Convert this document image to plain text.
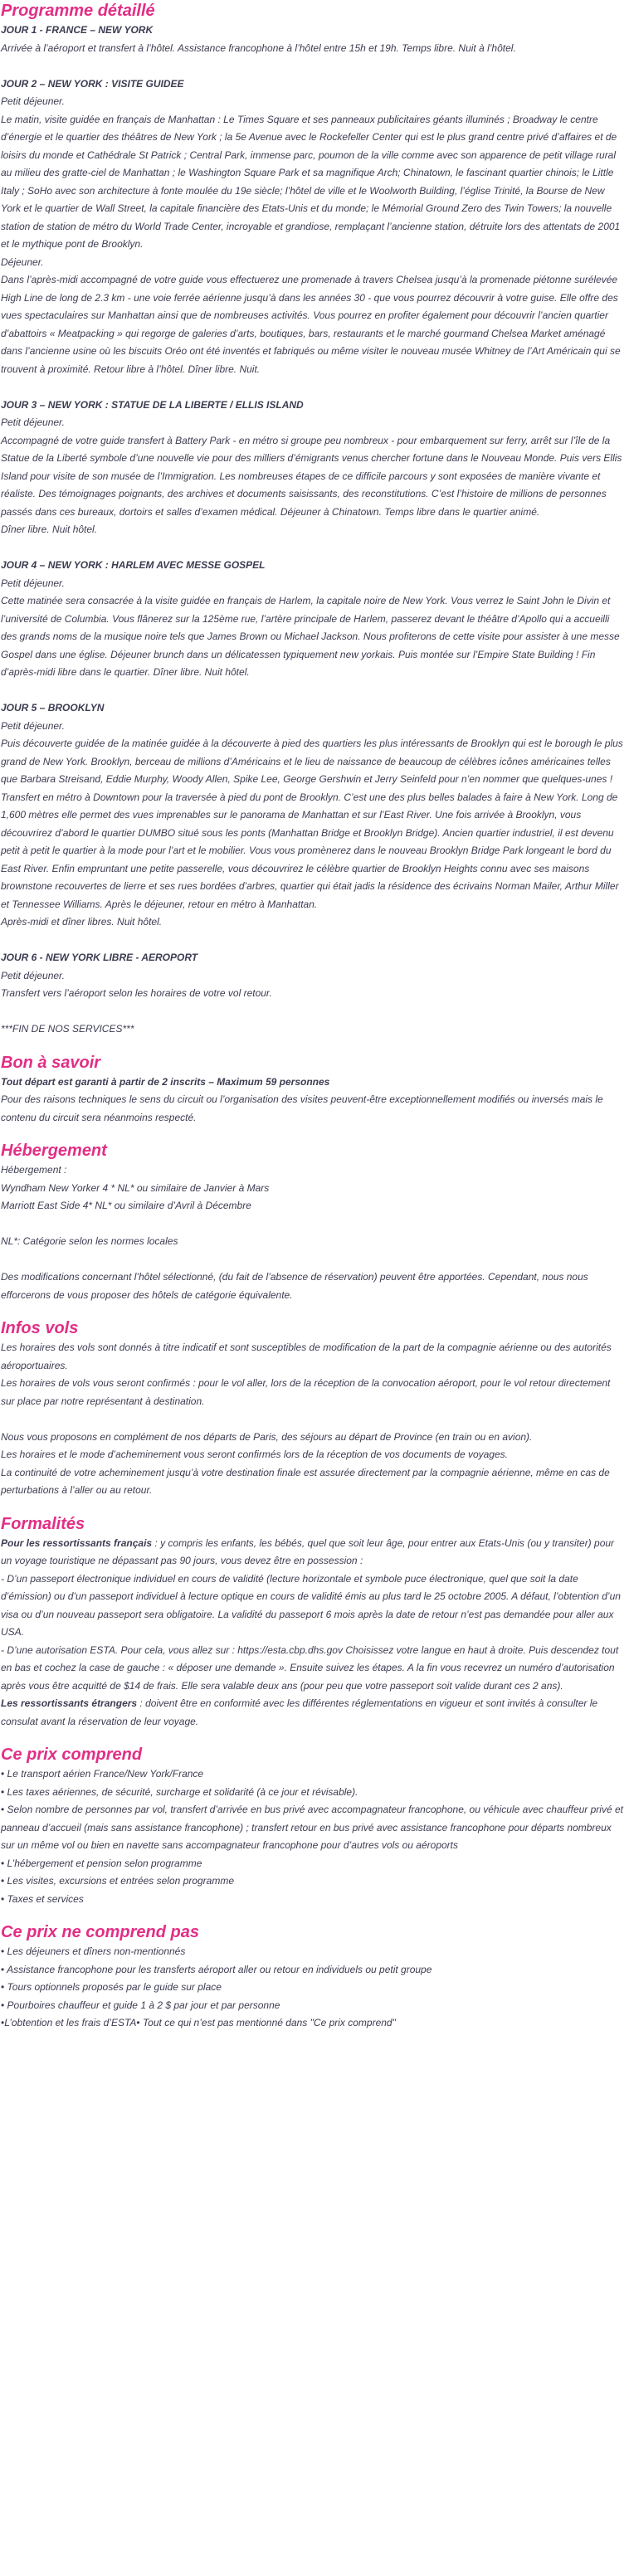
Programme détaillé

JOUR 1 - FRANCE – NEW YORK

Arrivée à l’aéroport et transfert à l’hôtel. Assistance francophone à l’hôtel entre 15h et 19h. Temps libre. Nuit à l’hôtel.

JOUR 2 – NEW YORK : VISITE GUIDEE

Petit déjeuner.

Le matin, visite guidée en français de Manhattan : Le Times Square et ses panneaux publicitaires géants illuminés ; Broadway le centre d’énergie et le quartier des théâtres de New York ; la 5e Avenue avec le Rockefeller Center qui est le plus grand centre privé d’affaires et de loisirs du monde et Cathédrale St Patrick ; Central Park, immense parc, poumon de la ville comme avec son apparence de petit village rural au milieu des gratte-ciel de Manhattan ; le Washington Square Park et sa magnifique Arch; Chinatown, le fascinant quartier chinois; le Little Italy ; SoHo avec son architecture à fonte moulée du 19e siècle; l’hôtel de ville et le Woolworth Building, l’église Trinité, la Bourse de New York et le quartier de Wall Street, la capitale financière des Etats-Unis et du monde; le Mémorial Ground Zero des Twin Towers; la nouvelle station de station de métro du World Trade Center, incroyable et grandiose, remplaçant l’ancienne station, détruite lors des attentats de 2001 et le mythique pont de Brooklyn.

Déjeuner.

Dans l’après-midi accompagné de votre guide vous effectuerez une promenade à travers Chelsea jusqu’à la promenade piétonne surélevée High Line de long de 2.3 km - une voie ferrée aérienne jusqu’à dans les années 30 - que vous pourrez découvrir à votre guise. Elle offre des vues spectaculaires sur Manhattan ainsi que de nombreuses activités. Vous pourrez en profiter également pour découvrir l’ancien quartier d’abattoirs « Meatpacking » qui regorge de galeries d’arts, boutiques, bars, restaurants et le marché gourmand Chelsea Market aménagé dans l’ancienne usine où les biscuits Oréo ont été inventés et fabriqués ou même visiter le nouveau musée Whitney de l’Art Américain qui se trouvent à proximité. Retour libre à l’hôtel. Dîner libre. Nuit.

JOUR 3 – NEW YORK : STATUE DE LA LIBERTE / ELLIS ISLAND

Petit déjeuner.

Accompagné de votre guide transfert à Battery Park - en métro si groupe peu nombreux - pour embarquement sur ferry, arrêt sur l’île de la Statue de la Liberté symbole d’une nouvelle vie pour des milliers d’émigrants venus chercher fortune dans le Nouveau Monde. Puis vers Ellis Island pour visite de son musée de l’Immigration. Les nombreuses étapes de ce difficile parcours y sont exposées de manière vivante et réaliste. Des témoignages poignants, des archives et documents saisissants, des reconstitutions. C’est l’histoire de millions de personnes passés dans ces bureaux, dortoirs et salles d’examen médical. Déjeuner à Chinatown. Temps libre dans le quartier animé.

Dîner libre. Nuit hôtel.

JOUR 4 – NEW YORK : HARLEM AVEC MESSE GOSPEL

Petit déjeuner.

Cette matinée sera consacrée à la visite guidée en français de Harlem, la capitale noire de New York. Vous verrez le Saint John le Divin et l’université de Columbia. Vous flânerez sur la 125ème rue, l’artère principale de Harlem, passerez devant le théâtre d’Apollo qui a accueilli des grands noms de la musique noire tels que James Brown ou Michael Jackson. Nous profiterons de cette visite pour assister à une messe Gospel dans une église. Déjeuner brunch dans un délicatessen typiquement new yorkais. Puis montée sur l’Empire State Building ! Fin d’après-midi libre dans le quartier. Dîner libre. Nuit hôtel.

JOUR 5 – BROOKLYN

Petit déjeuner.

Puis découverte guidée de la matinée guidée à la découverte à pied des quartiers les plus intéressants de Brooklyn qui est le borough le plus grand de New York. Brooklyn, berceau de millions d’Américains et le lieu de naissance de beaucoup de célèbres icônes américaines telles que Barbara Streisand, Eddie Murphy, Woody Allen, Spike Lee, George Gershwin et Jerry Seinfeld pour n’en nommer que quelques-unes ! Transfert en métro à Downtown pour la traversée à pied du pont de Brooklyn. C’est une des plus belles balades à faire à New York. Long de 1,600 mètres elle permet des vues imprenables sur le panorama de Manhattan et sur l’East River. Une fois arrivée à Brooklyn, vous découvrirez d’abord le quartier DUMBO situé sous les ponts (Manhattan Bridge et Brooklyn Bridge). Ancien quartier industriel, il est devenu petit à petit le quartier à la mode pour l’art et le mobilier. Vous vous promènerez dans le nouveau Brooklyn Bridge Park longeant le bord du East River. Enfin empruntant une petite passerelle, vous découvrirez le célèbre quartier de Brooklyn Heights connu avec ses maisons brownstone recouvertes de lierre et ses rues bordées d’arbres, quartier qui était jadis la résidence des écrivains Norman Mailer, Arthur Miller et Tennessee Williams. Après le déjeuner, retour en métro à Manhattan.

Après-midi et dîner libres. Nuit hôtel.

JOUR 6 - NEW YORK LIBRE - AEROPORT

Petit déjeuner.

Transfert vers l’aéroport selon les horaires de votre vol retour.

***FIN DE NOS SERVICES***

Bon à savoir

Tout départ est garanti à partir de 2 inscrits – Maximum 59 personnes

Pour des raisons techniques le sens du circuit ou l’organisation des visites peuvent-être exceptionnellement modifiés ou inversés mais le contenu du circuit sera néanmoins respecté.

Hébergement

Hébergement :

Wyndham New Yorker 4 * NL* ou similaire de Janvier à Mars

Marriott East Side 4* NL* ou similaire d’Avril à Décembre

NL*: Catégorie selon les normes locales

Des modifications concernant l’hôtel sélectionné, (du fait de l’absence de réservation) peuvent être apportées. Cependant, nous nous efforcerons de vous proposer des hôtels de catégorie équivalente.

Infos vols

Les horaires des vols sont donnés à titre indicatif et sont susceptibles de modification de la part de la compagnie aérienne ou des autorités aéroportuaires.

Les horaires de vols vous seront confirmés : pour le vol aller, lors de la réception de la convocation aéroport, pour le vol retour directement sur place par notre représentant à destination.

Nous vous proposons en complément de nos départs de Paris, des séjours au départ de Province (en train ou en avion).

Les horaires et le mode d’acheminement vous seront confirmés lors de la réception de vos documents de voyages.

La continuité de votre acheminement jusqu’à votre destination finale est assurée directement par la compagnie aérienne, même en cas de perturbations à l’aller ou au retour.

Formalités

Pour les ressortissants français : y compris les enfants, les bébés, quel que soit leur âge, pour entrer aux Etats-Unis (ou y transiter) pour un voyage touristique ne dépassant pas 90 jours, vous devez être en possession :

- D’un passeport électronique individuel en cours de validité (lecture horizontale et symbole puce électronique, quel que soit la date d’émission) ou d’un passeport individuel à lecture optique en cours de validité émis au plus tard le 25 octobre 2005. A défaut, l’obtention d’un visa ou d’un nouveau passeport sera obligatoire. La validité du passeport 6 mois après la date de retour n’est pas demandée pour aller aux USA.

- D’une autorisation ESTA. Pour cela, vous allez sur : https://esta.cbp.dhs.gov Choisissez votre langue en haut à droite. Puis descendez tout en bas et cochez la case de gauche : « déposer une demande ». Ensuite suivez les étapes. A la fin vous recevrez un numéro d’autorisation après vous être acquitté de $14 de frais. Elle sera valable deux ans (pour peu que votre passeport soit valide durant ces 2 ans).

Les ressortissants étrangers : doivent être en conformité avec les différentes réglementations en vigueur et sont invités à consulter le consulat avant la réservation de leur voyage.

Ce prix comprend
• Le transport aérien France/New York/France
• Les taxes aériennes, de sécurité, surcharge et solidarité (à ce jour et révisable).
• Selon nombre de personnes par vol, transfert d’arrivée en bus privé avec accompagnateur francophone, ou véhicule avec chauffeur privé et panneau d’accueil (mais sans assistance francophone) ; transfert retour en bus privé avec assistance francophone pour départs nombreux sur un même vol ou bien en navette sans accompagnateur francophone pour d’autres vols ou aéroports
• L’hébergement et pension selon programme
• Les visites, excursions et entrées selon programme
• Taxes et services
Ce prix ne comprend pas
• Les déjeuners et dîners non-mentionnés
• Assistance francophone pour les transferts aéroport aller ou retour en individuels ou petit groupe
• Tours optionnels proposés par le guide sur place
• Pourboires chauffeur et guide 1 à 2 $ par jour et par personne
•L’obtention et les frais d’ESTA• Tout ce qui n’est pas mentionné dans "Ce prix comprend"
